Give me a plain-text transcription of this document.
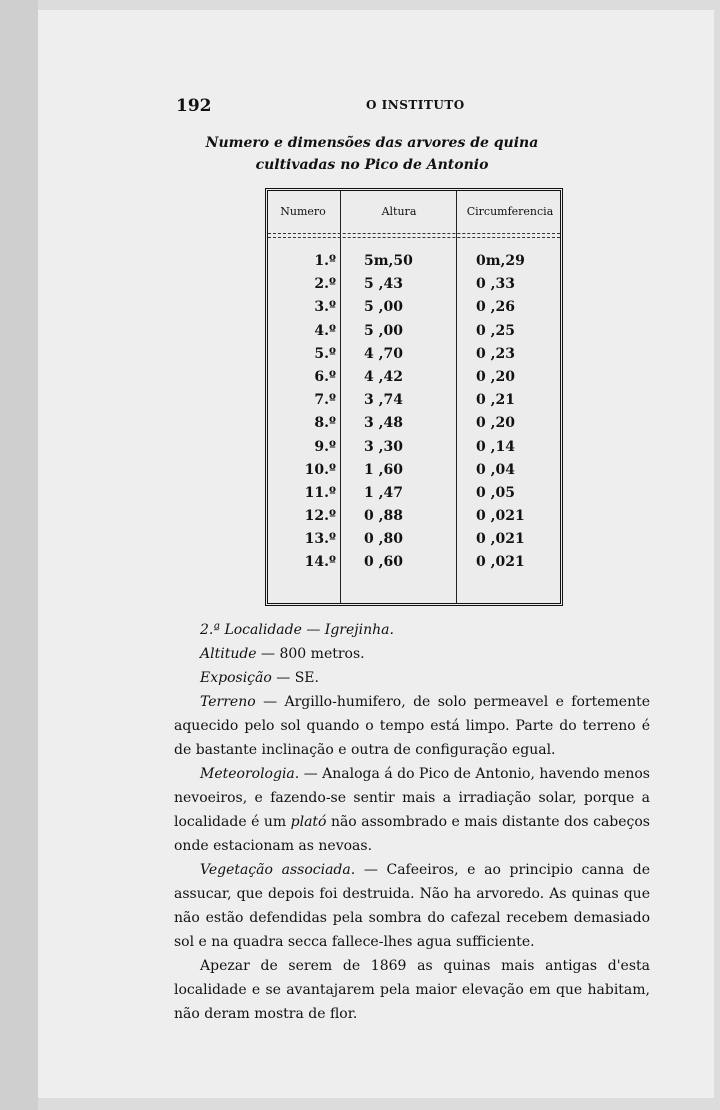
192	O INSTITUTO
Numero e dimensões das arvores de quina
cultivadas no Pico de Antonio
Numero	Altura	Circumferencia
1.º 5m,50	0m,29
2.º 5 ,43	0 ,33
3.º 5 ,00	0 ,26
4.º 5 ,00	0 ,25
5.º 4 ,70	0 ,23
6.º 4 ,42	0 ,20
7.º 3 ,74	0 ,21
8.º 3 ,48	0 ,20
9.º 3 ,30	0 ,14
10.º 1 ,60	0 ,04
11.º 1 ,47	0 ,05
12.º 0 ,88	0 ,021
13.º 0 ,80	0 ,021
14.º 0 ,60	0 ,021

2.ª Localidade — Igrejinha.

Altitude — 800 metros.

Exposição — SE.

Terreno — Argillo-humifero, de solo permeavel e fortemente aquecido pelo sol quando o tempo está limpo. Parte do terreno é de bastante inclinação e outra de configuração egual.

Meteorologia. — Analoga á do Pico de Antonio, havendo menos nevoeiros, e fazendo-se sentir mais a irradiação solar, porque a localidade é um plató não assombrado e mais distante dos cabeços onde estacionam as nevoas.

Vegetação associada. — Cafeeiros, e ao principio canna de assucar, que depois foi destruida. Não ha arvoredo. As quinas que não estão defendidas pela sombra do cafezal recebem demasiado sol e na quadra secca fallece-lhes agua sufficiente.

Apezar de serem de 1869 as quinas mais antigas d'esta localidade e se avantajarem pela maior elevação em que habitam, não deram mostra de flor.
